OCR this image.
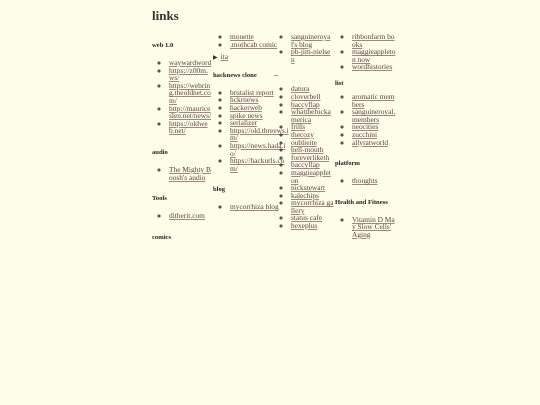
links
web 1.0
◦ waywardword
◦ https://z00m.ws/
◦ https://webring.theoldnet.com/
◦ http://mauriceslen.net/news/
◦ https://oldweb.net/
audio
◦ The Mighty Boosh's audio
Tools
◦ ditherit.com
comics
◦ mouette
◦ .mothcab comic
▶ ita
hacknews clone
◦ brutalist report
◦ hckrnews
◦ hackerweb
◦ spike news
◦ serializer
◦ https://old.threews.im/
◦ https://news.hada.io/
◦ https://hackurls.com/
blog
◦ mycorrhiza blog
◦ sanguineroyal's blog
◦ pb-jim-nielsen
--
◦ datura
◦ cloverbell
◦ baccyflap
◦ whatthefuckamerica
◦ frills
◦ thecozy
◦ oublieite
◦ hell-mouth
◦ foreverliketh
◦ baccyflap
◦ maggieappleton
◦ nickstewart
◦ kalechips
◦ mycorrhiza gallery
◦ status cafe
◦ hexeplus
◦ ribbonfarm books
◦ maggieappleton now
◦ wordhistories
list
◦ aromatic members
◦ sanguineroyal.members
◦ neocities
◦ zucchini
◦ allyratworld
platform
◦ thoughts
Health and Fitness
◦ Vitamin D May Slow Cells' Aging
